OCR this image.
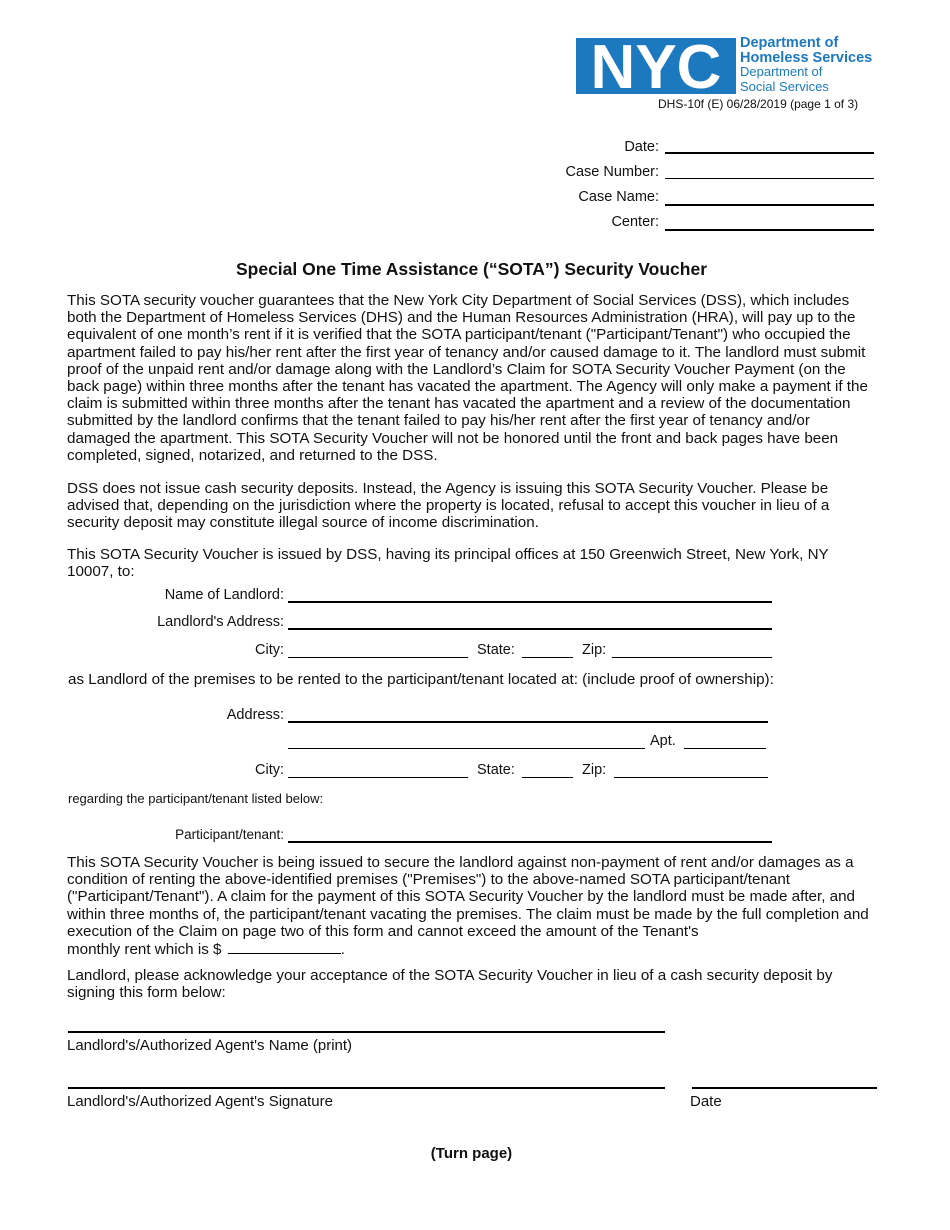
NYC Department of
Homeless Services
Department of
Social Services
DHS-10f (E) 06/28/2019 (page 1 of 3)
Date:
Case Number:
Case Name:
Center:
Special One Time Assistance (“SOTA”) Security Voucher
This SOTA security voucher guarantees that the New York City Department of Social Services (DSS), which includes both the Department of Homeless Services (DHS) and the Human Resources Administration (HRA), will pay up to the equivalent of one month’s rent if it is verified that the SOTA participant/tenant ("Participant/Tenant") who occupied the apartment failed to pay his/her rent after the first year of tenancy and/or caused damage to it. The landlord must submit proof of the unpaid rent and/or damage along with the Landlord’s Claim for SOTA Security Voucher Payment (on the back page) within three months after the tenant has vacated the apartment. The Agency will only make a payment if the claim is submitted within three months after the tenant has vacated the apartment and a review of the documentation submitted by the landlord confirms that the tenant failed to pay his/her rent after the first year of tenancy and/or damaged the apartment. This SOTA Security Voucher will not be honored until the front and back pages have been completed, signed, notarized, and returned to the DSS.
DSS does not issue cash security deposits. Instead, the Agency is issuing this SOTA Security Voucher. Please be advised that, depending on the jurisdiction where the property is located, refusal to accept this voucher in lieu of a security deposit may constitute illegal source of income discrimination.
This SOTA Security Voucher is issued by DSS, having its principal offices at 150 Greenwich Street, New York, NY 10007, to:
Name of Landlord:
Landlord's Address:
City:	State:	Zip:
as Landlord of the premises to be rented to the participant/tenant located at: (include proof of ownership):
Address:
Apt.
City:	State:	Zip:
regarding the participant/tenant listed below:
Participant/tenant:
This SOTA Security Voucher is being issued to secure the landlord against non-payment of rent and/or damages as a condition of renting the above-identified premises ("Premises") to the above-named SOTA participant/tenant ("Participant/Tenant"). A claim for the payment of this SOTA Security Voucher by the landlord must be made after, and within three months of, the participant/tenant vacating the premises. The claim must be made by the full completion and execution of the Claim on page two of this form and cannot exceed the amount of the Tenant's
monthly rent which is $	.
Landlord, please acknowledge your acceptance of the SOTA Security Voucher in lieu of a cash security deposit by signing this form below:
Landlord's/Authorized Agent's Name (print)
Landlord's/Authorized Agent's Signature	Date
(Turn page)
